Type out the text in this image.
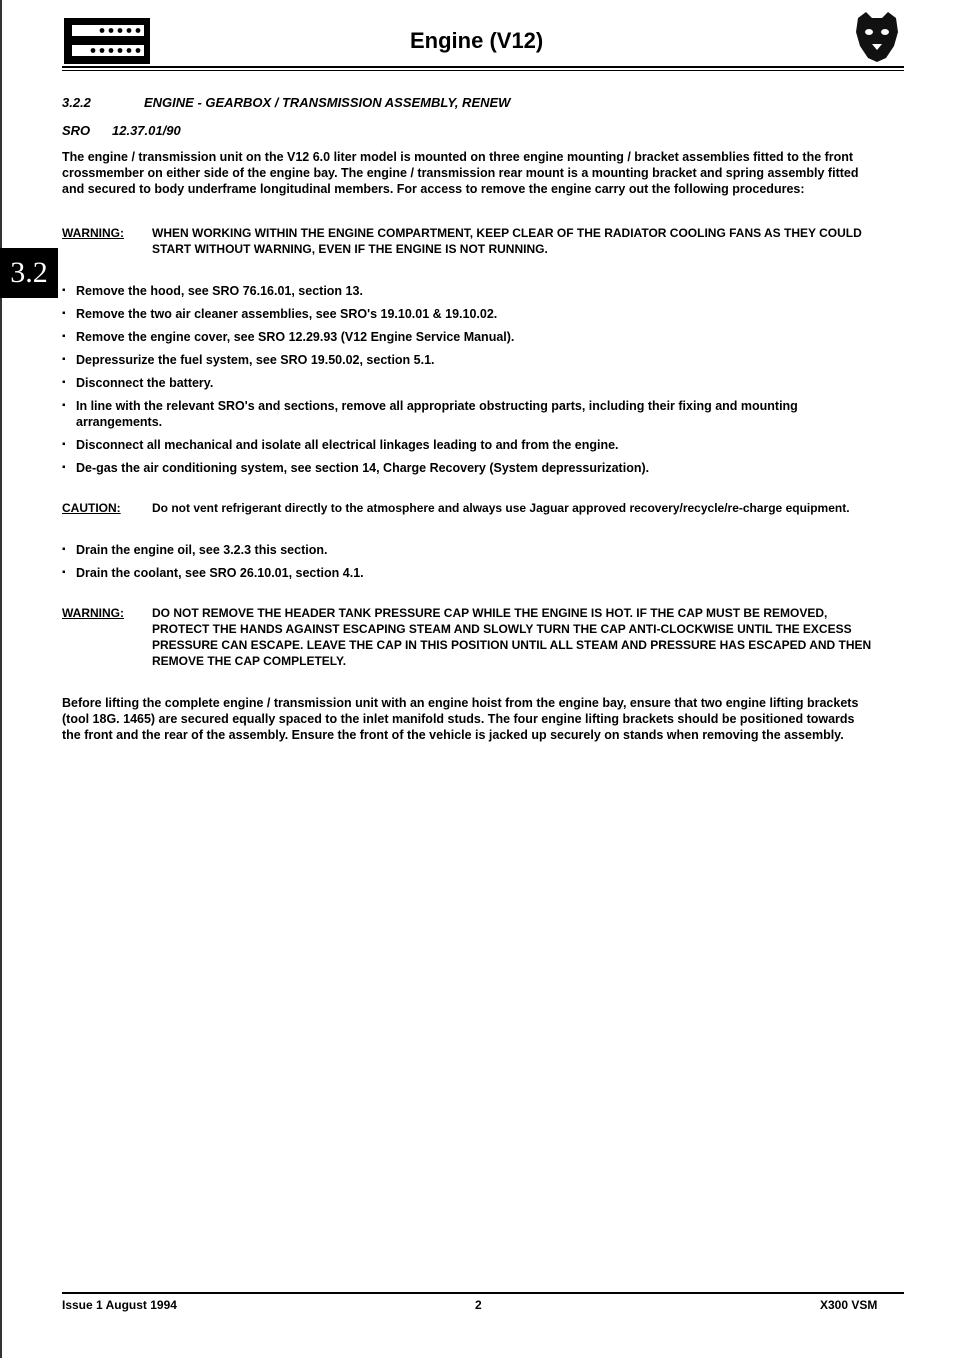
Engine (V12)
3.2
3.2.2	ENGINE - GEARBOX / TRANSMISSION ASSEMBLY, RENEW
SRO 12.37.01/90

The engine / transmission unit on the V12 6.0 liter model is mounted on three engine mounting / bracket assemblies fitted to the front crossmember on either side of the engine bay. The engine / transmission rear mount is a mounting bracket and spring assembly fitted and secured to body underframe longitudinal members. For access to remove the engine carry out the following procedures:

WARNING:	WHEN WORKING WITHIN THE ENGINE COMPARTMENT, KEEP CLEAR OF THE RADIATOR COOLING FANS AS THEY COULD START WITHOUT WARNING, EVEN IF THE ENGINE IS NOT RUNNING.
▪ Remove the hood, see SRO 76.16.01, section 13.
▪ Remove the two air cleaner assemblies, see SRO's 19.10.01 & 19.10.02.
▪ Remove the engine cover, see SRO 12.29.93 (V12 Engine Service Manual).
▪ Depressurize the fuel system, see SRO 19.50.02, section 5.1.
▪ Disconnect the battery.
▪ In line with the relevant SRO's and sections, remove all appropriate obstructing parts, including their fixing and mounting arrangements.
▪ Disconnect all mechanical and isolate all electrical linkages leading to and from the engine.
▪ De-gas the air conditioning system, see section 14, Charge Recovery (System depressurization).
CAUTION:	Do not vent refrigerant directly to the atmosphere and always use Jaguar approved recovery/recycle/re-charge equipment.
▪ Drain the engine oil, see 3.2.3 this section.
▪ Drain the coolant, see SRO 26.10.01, section 4.1.
WARNING:	DO NOT REMOVE THE HEADER TANK PRESSURE CAP WHILE THE ENGINE IS HOT. IF THE CAP MUST BE REMOVED, PROTECT THE HANDS AGAINST ESCAPING STEAM AND SLOWLY TURN THE CAP ANTI-CLOCKWISE UNTIL THE EXCESS PRESSURE CAN ESCAPE. LEAVE THE CAP IN THIS POSITION UNTIL ALL STEAM AND PRESSURE HAS ESCAPED AND THEN REMOVE THE CAP COMPLETELY.

Before lifting the complete engine / transmission unit with an engine hoist from the engine bay, ensure that two engine lifting brackets (tool 18G. 1465) are secured equally spaced to the inlet manifold studs. The four engine lifting brackets should be positioned towards the front and the rear of the assembly. Ensure the front of the vehicle is jacked up securely on stands when removing the assembly.

Issue 1 August 1994	2	X300 VSM
